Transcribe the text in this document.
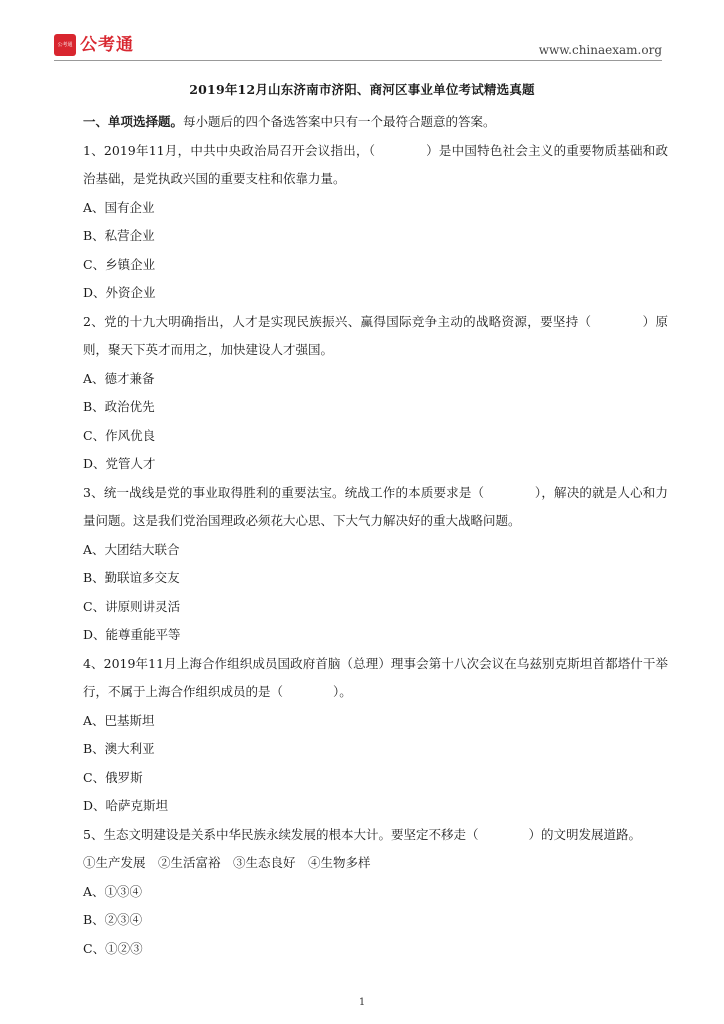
公考通 公考通	www.chinaexam.org
2019年12月山东济南市济阳、商河区事业单位考试精选真题
一、单项选择题。每小题后的四个备选答案中只有一个最符合题意的答案。
1、2019年11月，中共中央政治局召开会议指出，（　　　　）是中国特色社会主义的重要物质基础和政治基础，是党执政兴国的重要支柱和依靠力量。
A、国有企业
B、私营企业
C、乡镇企业
D、外资企业
2、党的十九大明确指出，人才是实现民族振兴、赢得国际竞争主动的战略资源，要坚持（　　　　）原则，聚天下英才而用之，加快建设人才强国。
A、德才兼备
B、政治优先
C、作风优良
D、党管人才
3、统一战线是党的事业取得胜利的重要法宝。统战工作的本质要求是（　　　　），解决的就是人心和力量问题。这是我们党治国理政必须花大心思、下大气力解决好的重大战略问题。
A、大团结大联合
B、勤联谊多交友
C、讲原则讲灵活
D、能尊重能平等
4、2019年11月上海合作组织成员国政府首脑（总理）理事会第十八次会议在乌兹别克斯坦首都塔什干举行，不属于上海合作组织成员的是（　　　　）。
A、巴基斯坦
B、澳大利亚
C、俄罗斯
D、哈萨克斯坦
5、生态文明建设是关系中华民族永续发展的根本大计。要坚定不移走（　　　　）的文明发展道路。
①生产发展　②生活富裕　③生态良好　④生物多样
A、①③④
B、②③④
C、①②③
1
